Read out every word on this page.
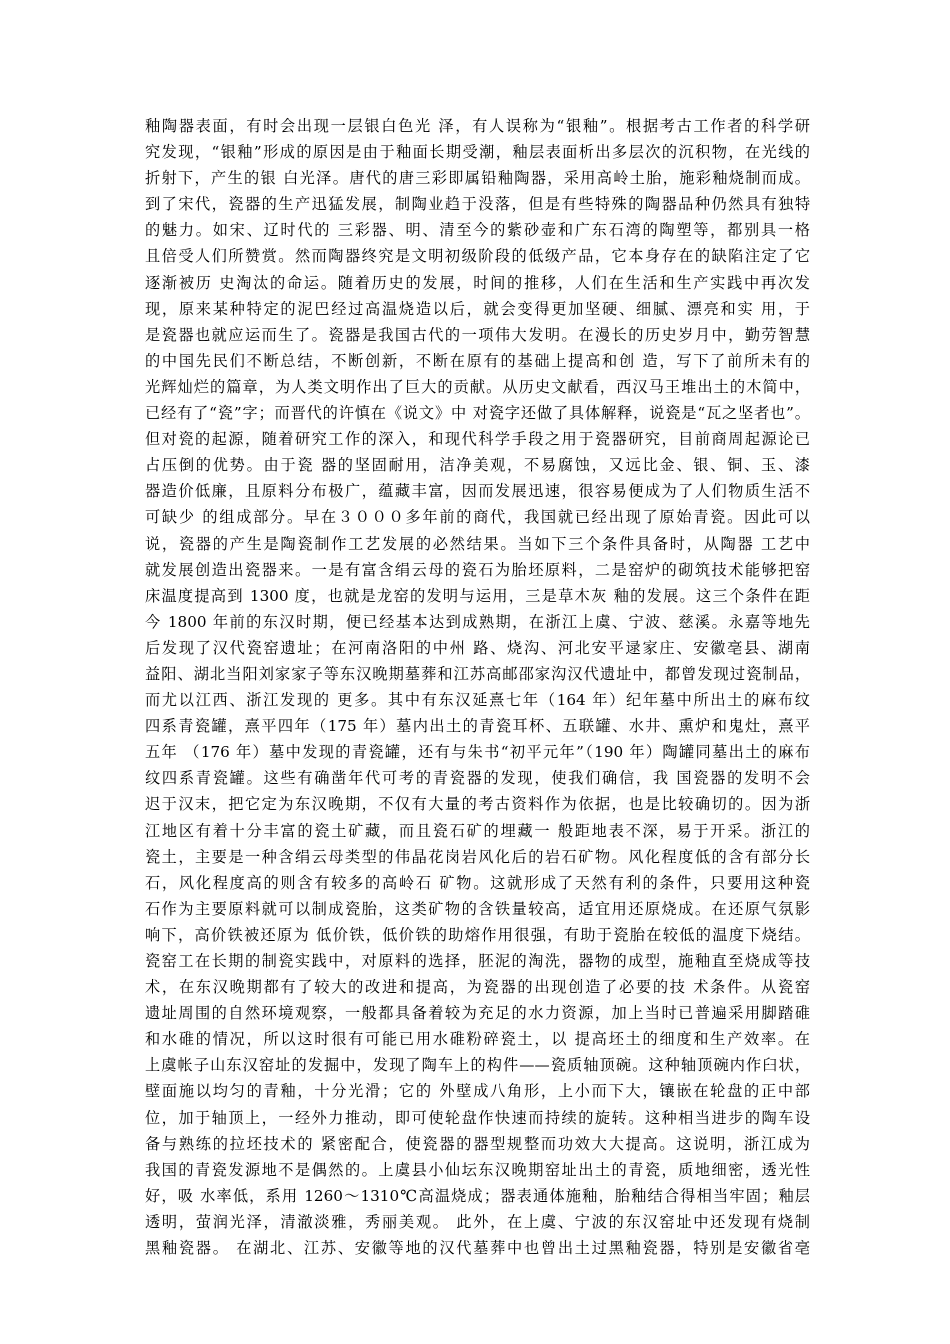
釉陶器表面，有时会出现一层银白色光 泽，有人误称为“银釉”。根据考古工作者的科学研
究发现，“银釉”形成的原因是由于釉面长期受潮，釉层表面析出多层次的沉积物，在光线的
折射下，产生的银 白光泽。唐代的唐三彩即属铅釉陶器，采用高岭土胎，施彩釉烧制而成。
到了宋代，瓷器的生产迅猛发展，制陶业趋于没落，但是有些特殊的陶器品种仍然具有独特
的魅力。如宋、辽时代的 三彩器、明、清至今的紫砂壶和广东石湾的陶塑等，都别具一格
且倍受人们所赞赏。然而陶器终究是文明初级阶段的低级产品，它本身存在的缺陷注定了它
逐渐被历 史淘汰的命运。随着历史的发展，时间的推移，人们在生活和生产实践中再次发
现，原来某种特定的泥巴经过高温烧造以后，就会变得更加坚硬、细腻、漂亮和实 用，于
是瓷器也就应运而生了。瓷器是我国古代的一项伟大发明。在漫长的历史岁月中，勤劳智慧
的中国先民们不断总结，不断创新，不断在原有的基础上提高和创 造，写下了前所未有的
光辉灿烂的篇章，为人类文明作出了巨大的贡献。从历史文献看，西汉马王堆出土的木简中，
已经有了“瓷”字；而晋代的许慎在《说文》中 对瓷字还做了具体解释，说瓷是“瓦之坚者也”。
但对瓷的起源，随着研究工作的深入，和现代科学手段之用于瓷器研究，目前商周起源论已
占压倒的优势。由于瓷 器的坚固耐用，洁净美观，不易腐蚀，又远比金、银、铜、玉、漆
器造价低廉，且原料分布极广，蕴藏丰富，因而发展迅速，很容易便成为了人们物质生活不
可缺少 的组成部分。早在３０００多年前的商代，我国就已经出现了原始青瓷。因此可以
说，瓷器的产生是陶瓷制作工艺发展的必然结果。当如下三个条件具备时，从陶器 工艺中
就发展创造出瓷器来。一是有富含绢云母的瓷石为胎坯原料，二是窑炉的砌筑技术能够把窑
床温度提高到 1300 度，也就是龙窑的发明与运用，三是草木灰 釉的发展。这三个条件在距
今 1800 年前的东汉时期，便已经基本达到成熟期，在浙江上虞、宁波、慈溪。永嘉等地先
后发现了汉代瓷窑遗址；在河南洛阳的中州 路、烧沟、河北安平逯家庄、安徽亳县、湖南
益阳、湖北当阳刘家家子等东汉晚期墓葬和江苏高邮邵家沟汉代遗址中，都曾发现过瓷制品，
而尤以江西、浙江发现的 更多。其中有东汉延熹七年（164 年）纪年墓中所出土的麻布纹
四系青瓷罐，熹平四年（175 年）墓内出土的青瓷耳杯、五联罐、水井、熏炉和鬼灶，熹平
五年 （176 年）墓中发现的青瓷罐，还有与朱书“初平元年”（190 年）陶罐同墓出土的麻布
纹四系青瓷罐。这些有确凿年代可考的青瓷器的发现，使我们确信，我 国瓷器的发明不会
迟于汉末，把它定为东汉晚期，不仅有大量的考古资料作为依据，也是比较确切的。因为浙
江地区有着十分丰富的瓷土矿藏，而且瓷石矿的埋藏一 般距地表不深，易于开采。浙江的
瓷土，主要是一种含绢云母类型的伟晶花岗岩风化后的岩石矿物。风化程度低的含有部分长
石，风化程度高的则含有较多的高岭石 矿物。这就形成了天然有利的条件，只要用这种瓷
石作为主要原料就可以制成瓷胎，这类矿物的含铁量较高，适宜用还原烧成。在还原气氛影
响下，高价铁被还原为 低价铁，低价铁的助熔作用很强，有助于瓷胎在较低的温度下烧结。
瓷窑工在长期的制瓷实践中，对原料的选择，胚泥的淘洗，器物的成型，施釉直至烧成等技
术，在东汉晚期都有了较大的改进和提高，为瓷器的出现创造了必要的技 术条件。从瓷窑
遗址周围的自然环境观察，一般都具备着较为充足的水力资源，加上当时已普遍采用脚踏碓
和水碓的情况，所以这时很有可能已用水碓粉碎瓷土，以 提高坯土的细度和生产效率。在
上虞帐子山东汉窑址的发掘中，发现了陶车上的构件——瓷质轴顶碗。这种轴顶碗内作臼状，
壁面施以均匀的青釉，十分光滑；它的 外壁成八角形，上小而下大，镶嵌在轮盘的正中部
位，加于轴顶上，一经外力推动，即可使轮盘作快速而持续的旋转。这种相当进步的陶车设
备与熟练的拉坯技术的 紧密配合，使瓷器的器型规整而功效大大提高。这说明，浙江成为
我国的青瓷发源地不是偶然的。上虞县小仙坛东汉晚期窑址出土的青瓷，质地细密，透光性
好，吸 水率低，系用 1260～1310℃高温烧成；器表通体施釉，胎釉结合得相当牢固；釉层
透明，萤润光泽，清澈淡雅，秀丽美观。 此外，在上虞、宁波的东汉窑址中还发现有烧制
黑釉瓷器。 在湖北、江苏、安徽等地的汉代墓葬中也曾出土过黑釉瓷器，特别是安徽省亳
